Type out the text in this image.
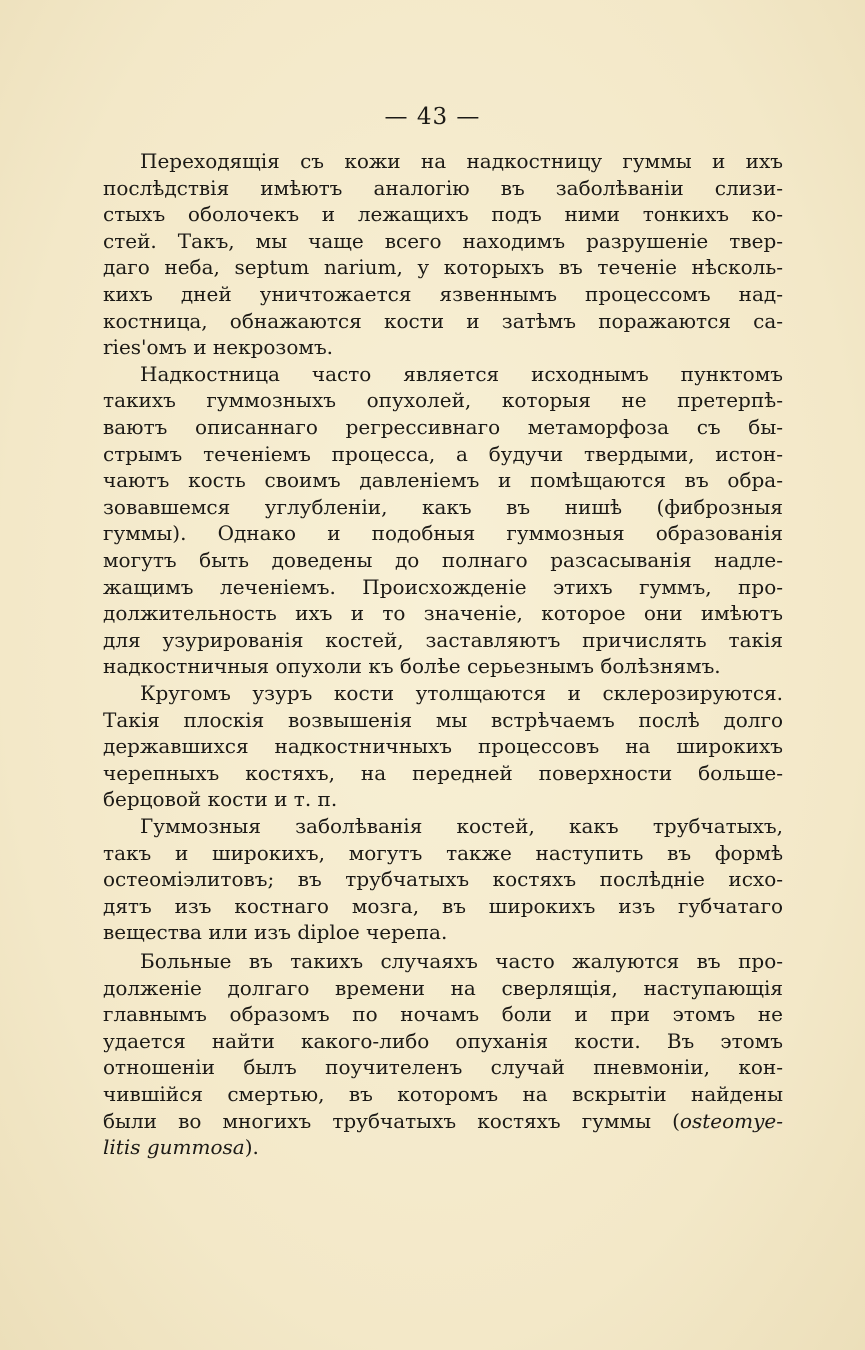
— 43 —
Переходящія съ кожи на надкостницу гуммы и ихъ
послѣдствія имѣютъ аналогію въ заболѣваніи слизи-
стыхъ оболочекъ и лежащихъ подъ ними тонкихъ ко-
стей. Такъ, мы чаще всего находимъ разрушеніе твер-
даго неба, septum narium, у которыхъ въ теченіе нѣсколь-
кихъ дней уничтожается язвеннымъ процессомъ над-
костница, обнажаются кости и затѣмъ поражаются ca-
ries'омъ и некрозомъ.
Надкостница часто является исходнымъ пунктомъ
такихъ гуммозныхъ опухолей, которыя не претерпѣ-
ваютъ описаннаго регрессивнаго метаморфоза съ бы-
стрымъ теченіемъ процесса, а будучи твердыми, истон-
чаютъ кость своимъ давленіемъ и помѣщаются въ обра-
зовавшемся углубленіи, какъ въ нишѣ (фиброзныя
гуммы). Однако и подобныя гуммозныя образованія
могутъ быть доведены до полнаго разсасыванія надле-
жащимъ леченіемъ. Происхожденіе этихъ гуммъ, про-
должительность ихъ и то значеніе, которое они имѣютъ
для узурированія костей, заставляютъ причислять такія
надкостничныя опухоли къ болѣе серьезнымъ болѣзнямъ.
Кругомъ узуръ кости утолщаются и склерозируются.
Такія плоскія возвышенія мы встрѣчаемъ послѣ долго
державшихся надкостничныхъ процессовъ на широкихъ
черепныхъ костяхъ, на передней поверхности больше-
берцовой кости и т. п.
Гуммозныя заболѣванія костей, какъ трубчатыхъ,
такъ и широкихъ, могутъ также наступить въ формѣ
остеоміэлитовъ; въ трубчатыхъ костяхъ послѣдніе исхо-
дятъ изъ костнаго мозга, въ широкихъ изъ губчатаго
вещества или изъ diploe черепа.
Больные въ такихъ случаяхъ часто жалуются въ про-
долженіе долгаго времени на сверлящія, наступающія
главнымъ образомъ по ночамъ боли и при этомъ не
удается найти какого-либо опуханія кости. Въ этомъ
отношеніи былъ поучителенъ случай пневмоніи, кон-
чившійся смертью, въ которомъ на вскрытіи найдены
были во многихъ трубчатыхъ костяхъ гуммы (osteomye-
litis gummosa).
